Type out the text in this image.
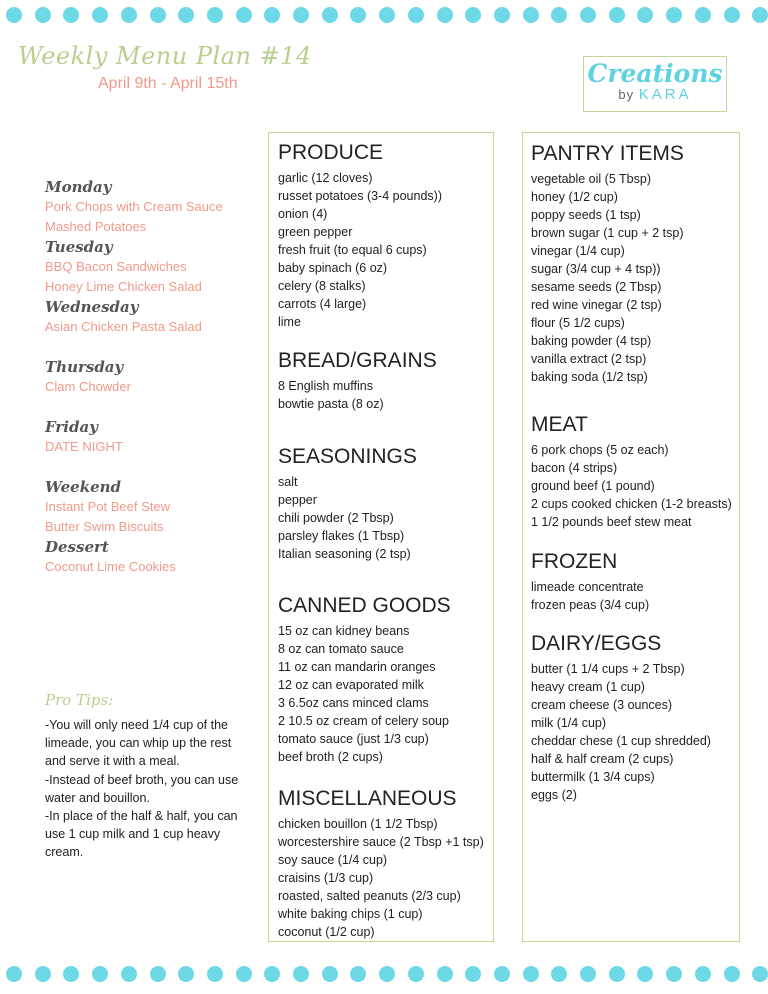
Weekly Menu Plan #14
April 9th - April 15th	Creations
by KARA
Monday
Pork Chops with Cream Sauce
Mashed Potatoes
Tuesday
BBQ Bacon Sandwiches
Honey Lime Chicken Salad
Wednesday
Asian Chicken Pasta Salad
Thursday
Clam Chowder
Friday
DATE NIGHT
Weekend
Instant Pot Beef Stew
Butter Swim Biscuits
Dessert
Coconut Lime Cookies
Pro Tips:

-You will only need 1/4 cup of the

limeade, you can whip up the rest

and serve it with a meal.

-Instead of beef broth, you can use

water and bouillon.

-In place of the half & half, you can

use 1 cup milk and 1 cup heavy

cream.

PRODUCE
garlic (12 cloves)
russet potatoes (3-4 pounds))
onion (4)
green pepper
fresh fruit (to equal 6 cups)
baby spinach (6 oz)
celery (8 stalks)
carrots (4 large)
lime
BREAD/GRAINS
8 English muffins
bowtie pasta (8 oz)
SEASONINGS
salt
pepper
chili powder (2 Tbsp)
parsley flakes (1 Tbsp)
Italian seasoning (2 tsp)
CANNED GOODS
15 oz can kidney beans
8 oz can tomato sauce
11 oz can mandarin oranges
12 oz can evaporated milk
3 6.5oz cans minced clams
2 10.5 oz cream of celery soup
tomato sauce (just 1/3 cup)
beef broth (2 cups)
MISCELLANEOUS
chicken bouillon (1 1/2 Tbsp)
worcestershire sauce (2 Tbsp +1 tsp)
soy sauce (1/4 cup)
craisins (1/3 cup)
roasted, salted peanuts (2/3 cup)
white baking chips (1 cup)
coconut (1/2 cup)
PANTRY ITEMS
vegetable oil (5 Tbsp)
honey (1/2 cup)
poppy seeds (1 tsp)
brown sugar (1 cup + 2 tsp)
vinegar (1/4 cup)
sugar (3/4 cup + 4 tsp))
sesame seeds (2 Tbsp)
red wine vinegar (2 tsp)
flour (5 1/2 cups)
baking powder (4 tsp)
vanilla extract (2 tsp)
baking soda (1/2 tsp)
MEAT
6 pork chops (5 oz each)
bacon (4 strips)
ground beef (1 pound)
2 cups cooked chicken (1-2 breasts)
1 1/2 pounds beef stew meat
FROZEN
limeade concentrate
frozen peas (3/4 cup)
DAIRY/EGGS
butter (1 1/4 cups + 2 Tbsp)
heavy cream (1 cup)
cream cheese (3 ounces)
milk (1/4 cup)
cheddar chese (1 cup shredded)
half & half cream (2 cups)
buttermilk (1 3/4 cups)
eggs (2)
